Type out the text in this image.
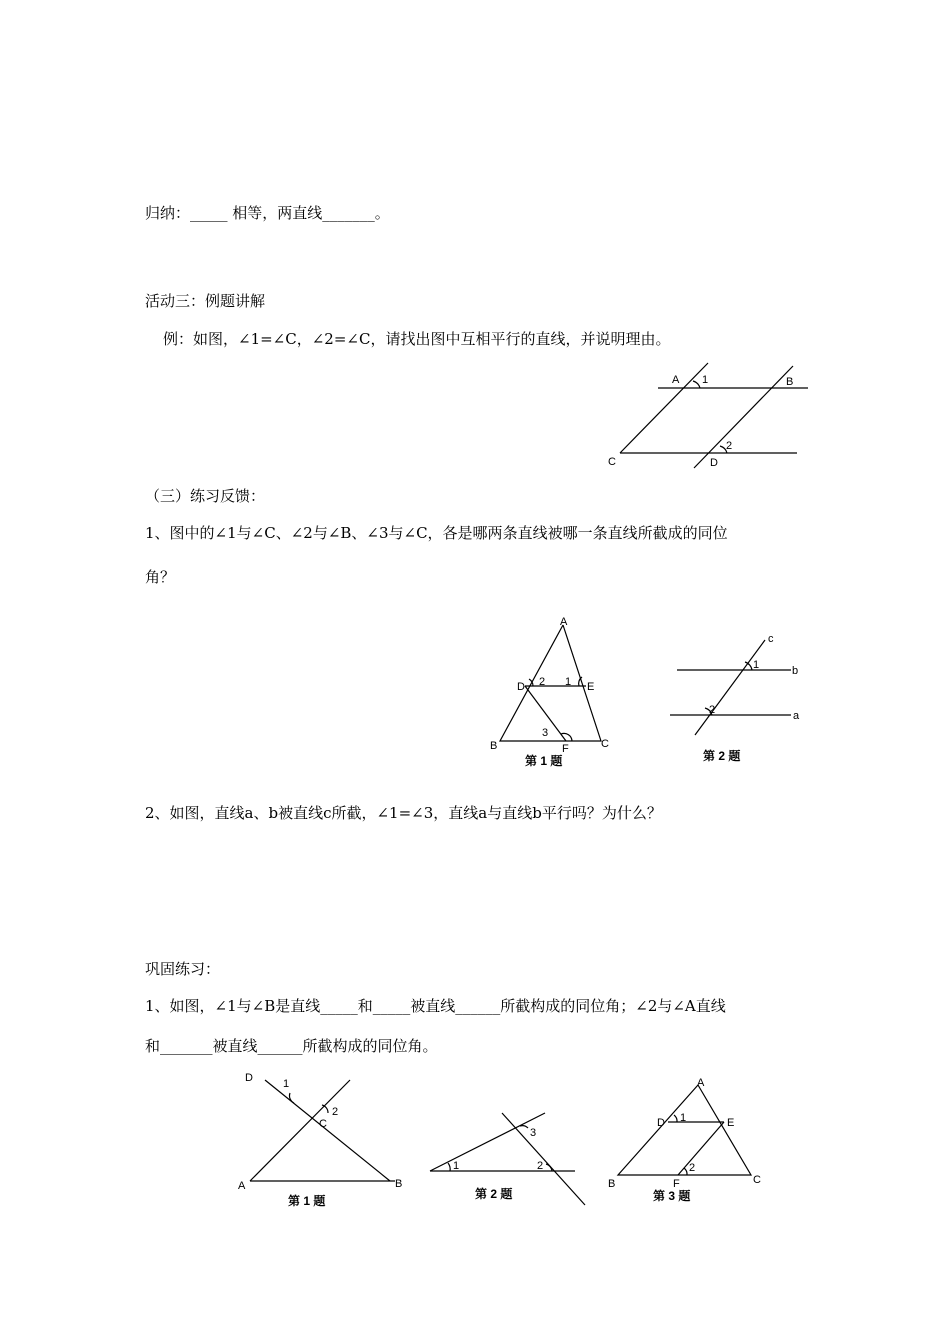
归纳：_____ 相等，两直线_______。
活动三：例题讲解
例：如图，∠1=∠C，∠2=∠C，请找出图中互相平行的直线，并说明理由。
A 1	B
C	D
2
（三）练习反馈：
1、图中的∠1与∠C、∠2与∠B、∠3与∠C，各是哪两条直线被哪一条直线所截成的同位
角？
A
D	E
B	C
F
2 1
3
第 1 题
c
b
a
1
2
第 2 题
2、如图，直线a、b被直线c所截，∠1=∠3，直线a与直线b平行吗？为什么？
巩固练习：
1、如图，∠1与∠B是直线_____和_____被直线______所截构成的同位角；∠2与∠A直线
和_______被直线______所截构成的同位角。
D	1
2
C
A	B
第 1 题
1
3
2
第 2 题
A
D	E
1
2
B	F	C
第 3 题
